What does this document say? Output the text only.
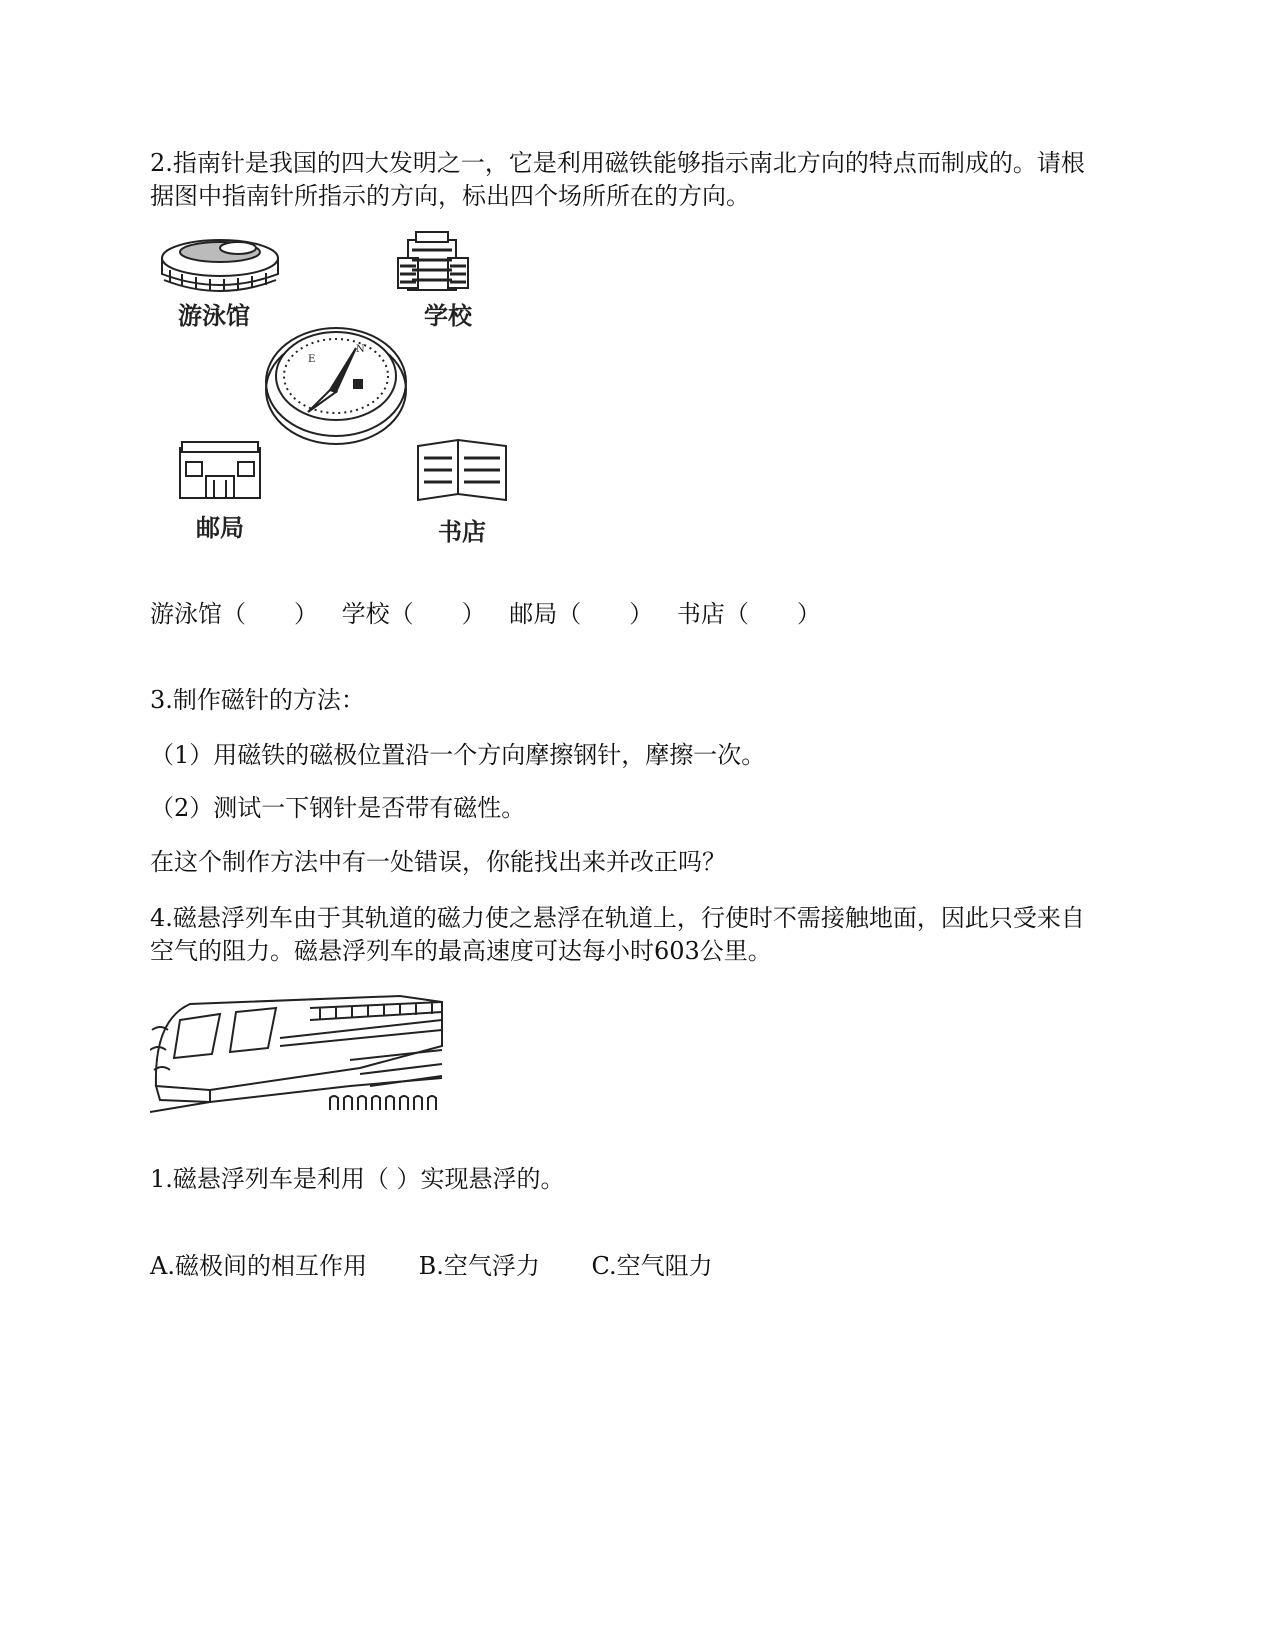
2.指南针是我国的四大发明之一，它是利用磁铁能够指示南北方向的特点而制成的。请根
据图中指南针所指示的方向，标出四个场所所在的方向。
N
E
游泳馆	学校
邮局	书店
游泳馆（　　） 学校（　　） 邮局（　　） 书店（　　）
3.制作磁针的方法：
（1）用磁铁的磁极位置沿一个方向摩擦钢针，摩擦一次。
（2）测试一下钢针是否带有磁性。
在这个制作方法中有一处错误，你能找出来并改正吗？
4.磁悬浮列车由于其轨道的磁力使之悬浮在轨道上，行使时不需接触地面，因此只受来自
空气的阻力。磁悬浮列车的最高速度可达每小时603公里。
1.磁悬浮列车是利用（ ）实现悬浮的。
A.磁极间的相互作用 B.空气浮力 C.空气阻力
